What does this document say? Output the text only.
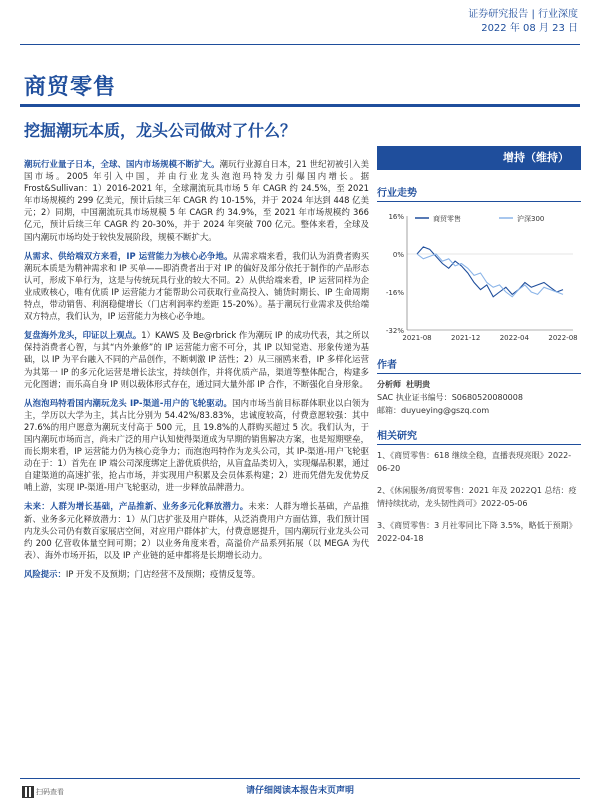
证券研究报告 | 行业深度
2022 年 08 月 23 日
商贸零售
挖掘潮玩本质，龙头公司做对了什么？

潮玩行业量子日本，全球、国内市场规模不断扩大。潮玩行业源自日本，21 世纪初被引入美国市场。2005 年引入中国，并由行业龙头泡泡玛特发力引爆国内增长。据 Frost&Sullivan：1）2016-2021 年，全球潮流玩具市场 5 年 CAGR 约 24.5%，至 2021 年市场规模约 299 亿美元，预计后续三年 CAGR 约 10-15%，并于 2024 年达到 448 亿美元；2）同期，中国潮流玩具市场规模 5 年 CAGR 约 34.9%，至 2021 年市场规模约 366 亿元，预计后续三年 CAGR 约 20-30%，并于 2024 年突破 700 亿元。整体来看，全球及国内潮玩市场均处于较快发展阶段，规模不断扩大。

从需求、供给端双方来看，IP 运营能力为核心必争地。从需求端来看，我们认为消费者购买潮玩本质是为精神需求和 IP 买单——即消费者出于对 IP 的偏好及部分依托于制作的产品形态认可，形成下单行为，这是与传统玩具行业的较大不同。2）从供给端来看，IP 运营同样为企业成败核心，唯有优质 IP 运营能力才能帮助公司获取行业高投入、铺货时期长、IP 生命周期特点，带动销售、利润稳健增长（门店利润率约差距 15-20%）。基于潮玩行业需求及供给端双方特点，我们认为，IP 运营能力为核心必争地。

复盘海外龙头，印证以上观点。1）KAWS 及 Be@rbrick 作为潮玩 IP 的成功代表，其之所以保持消费者心智，与其“内外兼修”的 IP 运营能力密不可分，其 IP 以知觉造、形象传递为基础，以 IP 为平台融入不同的产品创作，不断刺激 IP 活性；2）从三丽鸥来看，IP 多样化运营为其第一 IP 的多元化运营是增长法宝，持续创作，并将优质产品，渠道等整体配合，构建多元化图谱；而乐高自身 IP 则以载体形式存在，通过同大量外部 IP 合作，不断强化自身形象。

从泡泡玛特看国内潮玩龙头 IP-渠道-用户的飞轮驱动。国内市场当前目标群体职业以白领为主，学历以大学为主，其占比分别为 54.42%/83.83%，忠诚度较高，付费意愿较强：其中 27.6%的用户愿意为潮玩支付高于 500 元，且 19.8%的人群购买超过 5 次。我们认为，于国内潮玩市场而言，尚未广泛的用户认知使得渠道成为早期的销售解决方案，也是短期壁垒，而长期来看，IP 运营能力仍为核心竞争力；而泡泡玛特作为龙头公司，其 IP-渠道-用户飞轮驱动在于：1）首先在 IP 端公司深度绑定上游优质供给，从盲盒品类切入，实现爆品积累，通过自建渠道的高速扩张，抢占市场，并实现用户积累及会员体系构建；2）进而凭借先发优势反哺上游，实现 IP-渠道-用户飞轮驱动，进一步释放品牌潜力。

未来：人群为增长基础，产品推新、业务多元化释放潜力。未来：人群为增长基础，产品推新、业务多元化释放潜力：1）从门店扩张及用户群体，从泛消费用户方面估算，我们预计国内龙头公司仍有数百家展店空间，对应用户群体扩大，付费意愿提升，国内潮玩行业龙头公司约 200 亿营收体量空间可期；2）以业务角度来看，高溢价产品系列拓展（以 MEGA 为代表）、海外市场开拓，以及 IP 产业链的延申都将是长期增长动力。

风险提示：IP 开发不及预期；门店经营不及预期；疫情反复等。

增持（维持）
行业走势
16%
0%
-16%
-32%
2021-08	2021-12	2022-04	2022-08
商贸零售	沪深300
作者
分析师 杜明贵
SAC 执业证书编号：S0680520080008
邮箱：duyueying@gszq.com
相关研究
1、《商贸零售：618 继续全稳，直播表现亮眼》2022-06-20
2、《休闲服务/商贸零售：2021 年及 2022Q1 总结：疫情持续扰动，龙头韧性尚可》2022-05-06
3、《商贸零售：3 月社零同比下降 3.5%，略低于预期》2022-04-18
扫码查看	请仔细阅读本报告末页声明
